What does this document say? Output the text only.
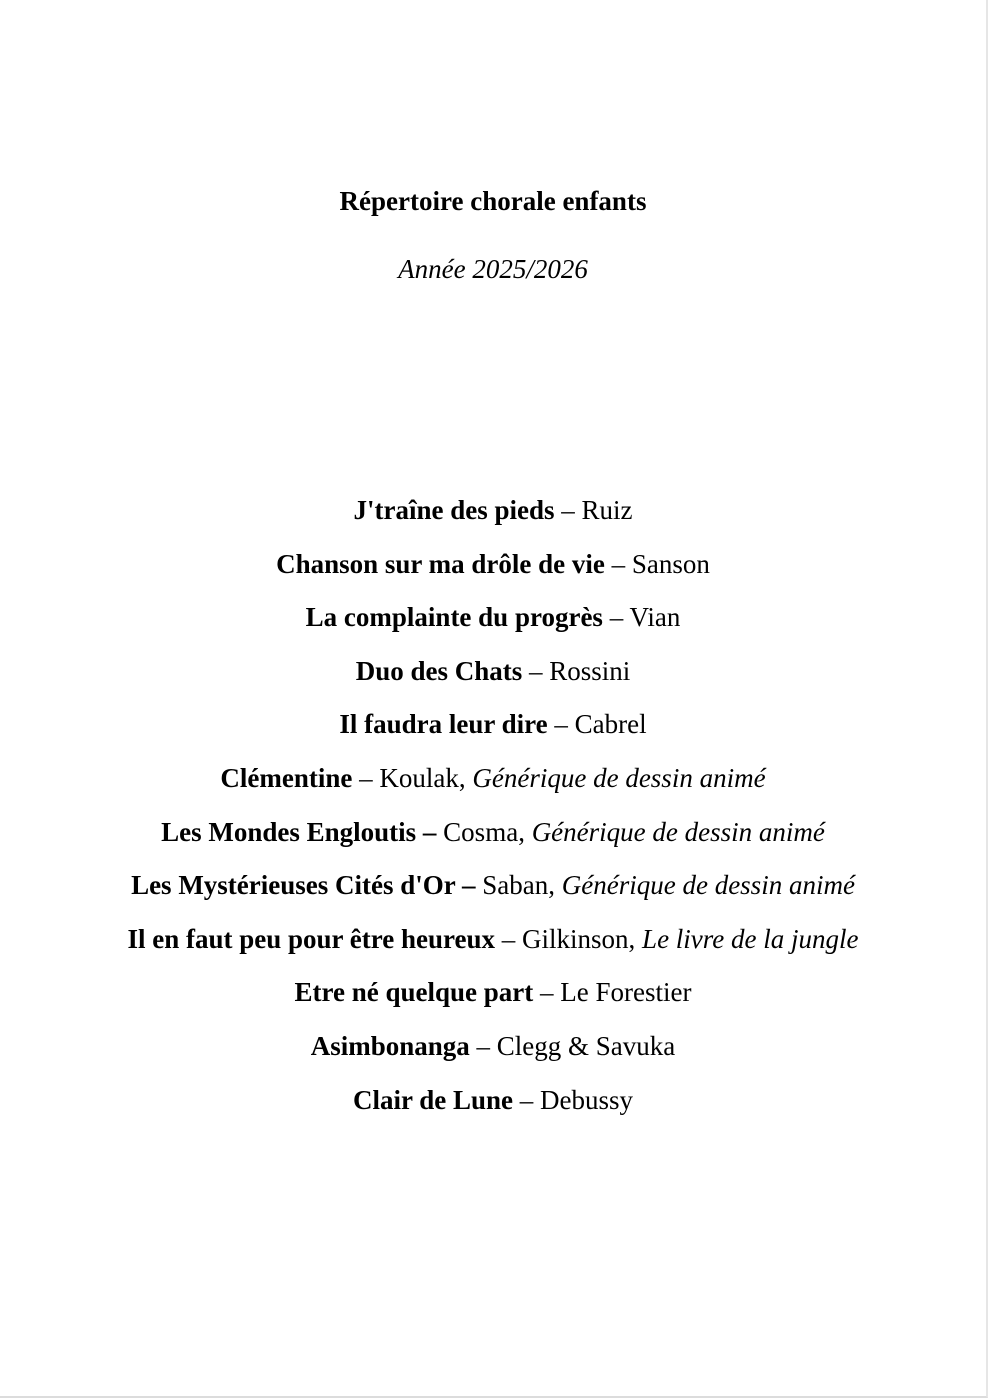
Répertoire chorale enfants
Année 2025/2026
J'traîne des pieds – Ruiz
Chanson sur ma drôle de vie – Sanson
La complainte du progrès – Vian
Duo des Chats – Rossini
Il faudra leur dire – Cabrel
Clémentine – Koulak, Générique de dessin animé
Les Mondes Engloutis – Cosma, Générique de dessin animé
Les Mystérieuses Cités d'Or – Saban, Générique de dessin animé
Il en faut peu pour être heureux – Gilkinson, Le livre de la jungle
Etre né quelque part – Le Forestier
Asimbonanga – Clegg & Savuka
Clair de Lune – Debussy
